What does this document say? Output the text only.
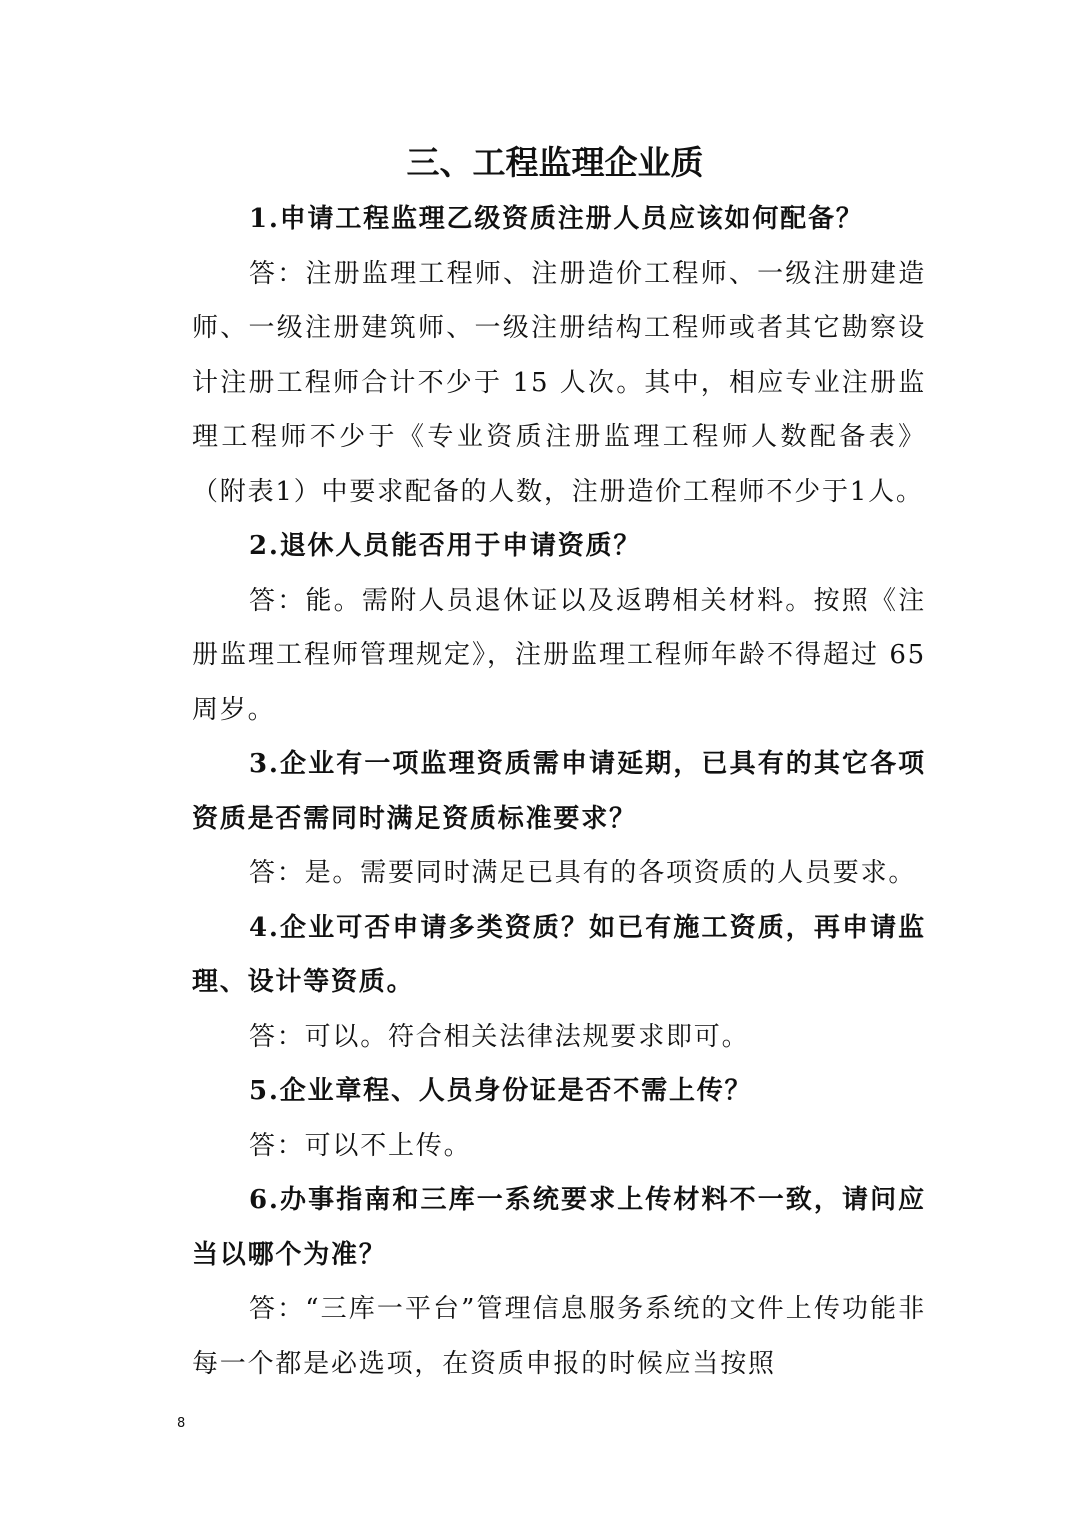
三、工程监理企业质

1.申请工程监理乙级资质注册人员应该如何配备？

答：注册监理工程师、注册造价工程师、一级注册建造师、一级注册建筑师、一级注册结构工程师或者其它勘察设计注册工程师合计不少于 15 人次。其中，相应专业注册监理工程师不少于《专业资质注册监理工程师人数配备表》（附表1）中要求配备的人数，注册造价工程师不少于1人。

2.退休人员能否用于申请资质？

答：能。需附人员退休证以及返聘相关材料。按照《注册监理工程师管理规定》，注册监理工程师年龄不得超过 65 周岁。

3.企业有一项监理资质需申请延期，已具有的其它各项资质是否需同时满足资质标准要求？

答：是。需要同时满足已具有的各项资质的人员要求。

4.企业可否申请多类资质？如已有施工资质，再申请监理、设计等资质。

答：可以。符合相关法律法规要求即可。

5.企业章程、人员身份证是否不需上传？

答：可以不上传。

6.办事指南和三库一系统要求上传材料不一致，请问应当以哪个为准？

答：“三库一平台”管理信息服务系统的文件上传功能非每一个都是必选项，在资质申报的时候应当按照

8
